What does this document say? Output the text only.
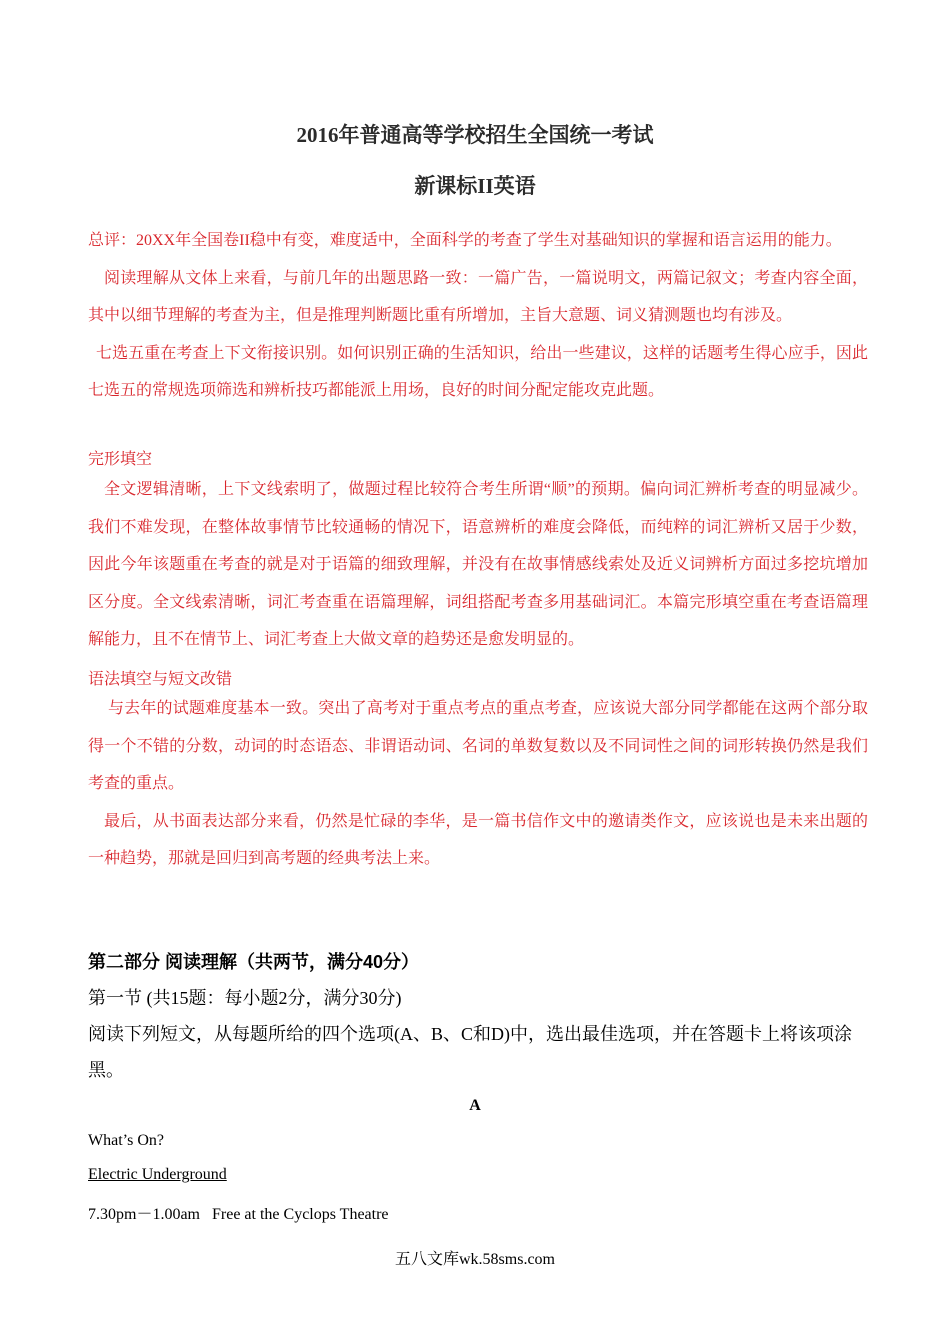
2016年普通高等学校招生全国统一考试
新课标II英语

总评：20XX年全国卷II稳中有变，难度适中，全面科学的考查了学生对基础知识的掌握和语言运用的能力。

阅读理解从文体上来看，与前几年的出题思路一致：一篇广告，一篇说明文，两篇记叙文；考查内容全面，其中以细节理解的考查为主，但是推理判断题比重有所增加，主旨大意题、词义猜测题也均有涉及。

七选五重在考查上下文衔接识别。如何识别正确的生活知识，给出一些建议，这样的话题考生得心应手，因此七选五的常规选项筛选和辨析技巧都能派上用场，良好的时间分配定能攻克此题。

完形填空

全文逻辑清晰，上下文线索明了，做题过程比较符合考生所谓“顺”的预期。偏向词汇辨析考查的明显减少。我们不难发现，在整体故事情节比较通畅的情况下，语意辨析的难度会降低，而纯粹的词汇辨析又居于少数，因此今年该题重在考查的就是对于语篇的细致理解，并没有在故事情感线索处及近义词辨析方面过多挖坑增加区分度。全文线索清晰，词汇考查重在语篇理解，词组搭配考查多用基础词汇。本篇完形填空重在考查语篇理解能力，且不在情节上、词汇考查上大做文章的趋势还是愈发明显的。

语法填空与短文改错

与去年的试题难度基本一致。突出了高考对于重点考点的重点考查，应该说大部分同学都能在这两个部分取得一个不错的分数，动词的时态语态、非谓语动词、名词的单数复数以及不同词性之间的词形转换仍然是我们考查的重点。

最后，从书面表达部分来看，仍然是忙碌的李华，是一篇书信作文中的邀请类作文，应该说也是未来出题的一种趋势，那就是回归到高考题的经典考法上来。

第二部分 阅读理解（共两节，满分40分）
第一节 (共15题：每小题2分，满分30分)
阅读下列短文，从每题所给的四个选项(A、B、C和D)中，选出最佳选项，并在答题卡上将该项涂黑。
A
What’s On?
Electric Underground
7.30pm－1.00am   Free at the Cyclops Theatre
五八文库wk.58sms.com
